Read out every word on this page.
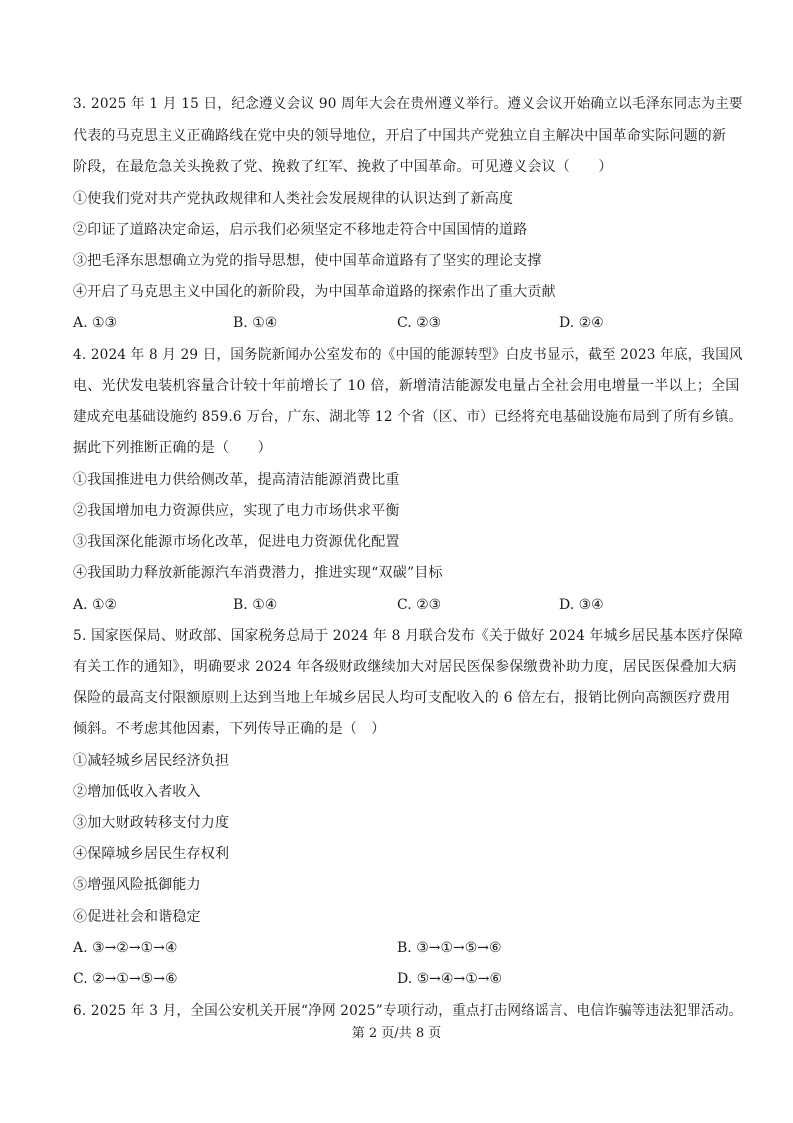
3. 2025 年 1 月 15 日，纪念遵义会议 90 周年大会在贵州遵义举行。遵义会议开始确立以毛泽东同志为主要
代表的马克思主义正确路线在党中央的领导地位，开启了中国共产党独立自主解决中国革命实际问题的新
阶段，在最危急关头挽救了党、挽救了红军、挽救了中国革命。可见遵义会议（　　）
①使我们党对共产党执政规律和人类社会发展规律的认识达到了新高度
②印证了道路决定命运，启示我们必须坚定不移地走符合中国国情的道路
③把毛泽东思想确立为党的指导思想，使中国革命道路有了坚实的理论支撑
④开启了马克思主义中国化的新阶段，为中国革命道路的探索作出了重大贡献
A. ①③	B. ①④	C. ②③	D. ②④
4. 2024 年 8 月 29 日，国务院新闻办公室发布的《中国的能源转型》白皮书显示，截至 2023 年底，我国风
电、光伏发电装机容量合计较十年前增长了 10 倍，新增清洁能源发电量占全社会用电增量一半以上；全国
建成充电基础设施约 859.6 万台，广东、湖北等 12 个省（区、市）已经将充电基础设施布局到了所有乡镇。
据此下列推断正确的是（　　）
①我国推进电力供给侧改革，提高清洁能源消费比重
②我国增加电力资源供应，实现了电力市场供求平衡
③我国深化能源市场化改革，促进电力资源优化配置
④我国助力释放新能源汽车消费潜力，推进实现“双碳”目标
A. ①②	B. ①④	C. ②③	D. ③④
5. 国家医保局、财政部、国家税务总局于 2024 年 8 月联合发布《关于做好 2024 年城乡居民基本医疗保障
有关工作的通知》，明确要求 2024 年各级财政继续加大对居民医保参保缴费补助力度，居民医保叠加大病
保险的最高支付限额原则上达到当地上年城乡居民人均可支配收入的 6 倍左右，报销比例向高额医疗费用
倾斜。不考虑其他因素，下列传导正确的是（　）
①减轻城乡居民经济负担
②增加低收入者收入
③加大财政转移支付力度
④保障城乡居民生存权利
⑤增强风险抵御能力
⑥促进社会和谐稳定
A. ③→②→①→④	B. ③→①→⑤→⑥
C. ②→①→⑤→⑥	D. ⑤→④→①→⑥
6. 2025 年 3 月，全国公安机关开展“净网 2025”专项行动，重点打击网络谣言、电信诈骗等违法犯罪活动。
第 2 页/共 8 页
